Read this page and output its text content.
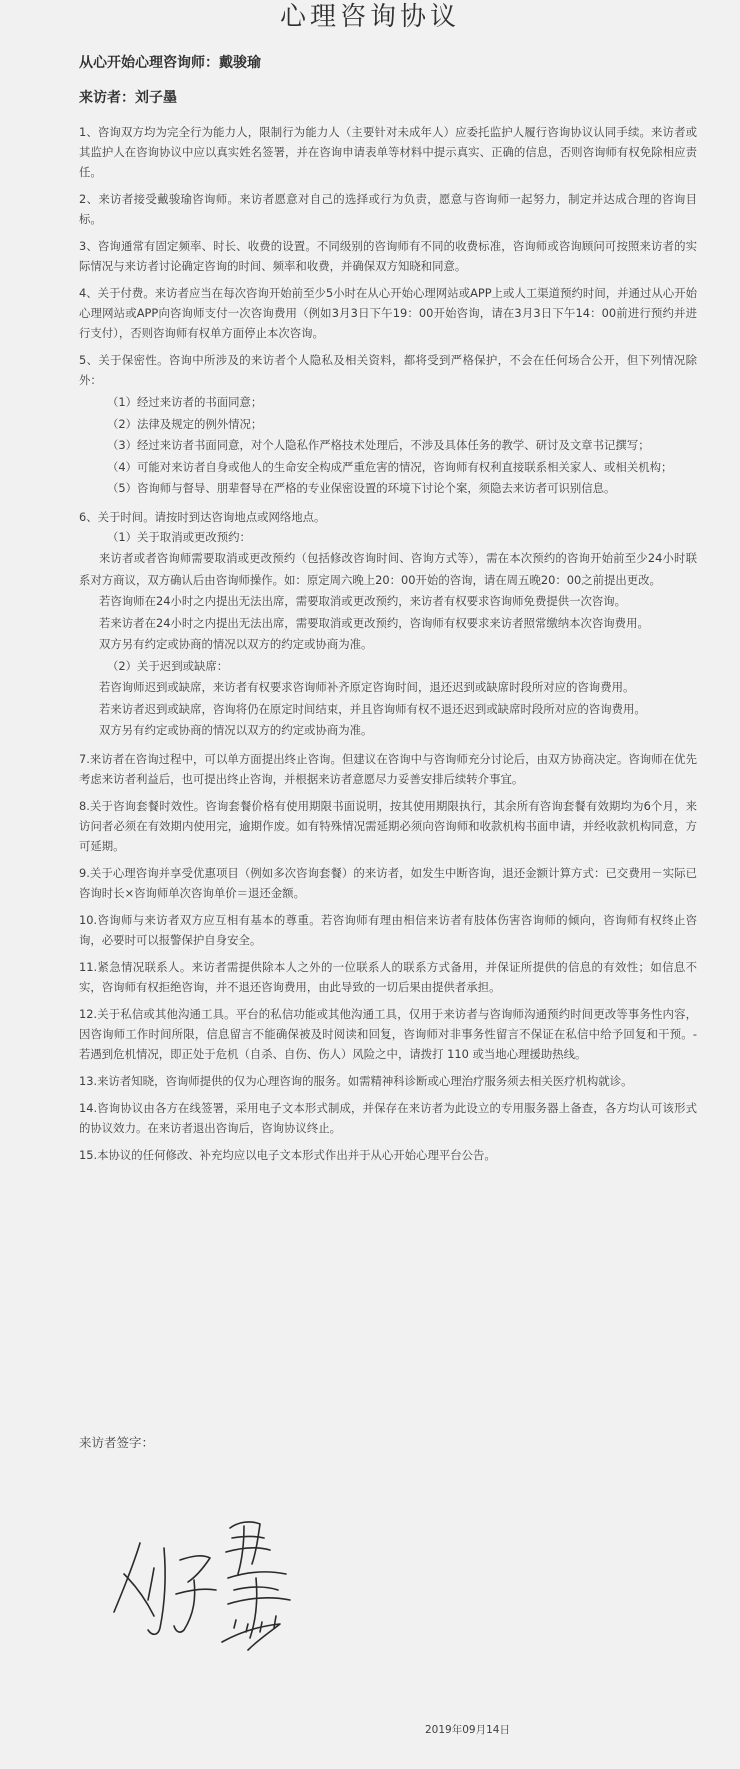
心理咨询协议
从心开始心理咨询师：戴骏瑜
来访者：刘子墨

1、咨询双方均为完全行为能力人，限制行为能力人（主要针对未成年人）应委托监护人履行咨询协议认同手续。来访者或其监护人在咨询协议中应以真实姓名签署，并在咨询申请表单等材料中提示真实、正确的信息，否则咨询师有权免除相应责任。

2、来访者接受戴骏瑜咨询师。来访者愿意对自己的选择或行为负责，愿意与咨询师一起努力，制定并达成合理的咨询目标。

3、咨询通常有固定频率、时长、收费的设置。不同级别的咨询师有不同的收费标准，咨询师或咨询顾问可按照来访者的实际情况与来访者讨论确定咨询的时间、频率和收费，并确保双方知晓和同意。

4、关于付费。来访者应当在每次咨询开始前至少5小时在从心开始心理网站或APP上或人工渠道预约时间，并通过从心开始心理网站或APP向咨询师支付一次咨询费用（例如3月3日下午19：00开始咨询，请在3月3日下午14：00前进行预约并进行支付），否则咨询师有权单方面停止本次咨询。

5、关于保密性。咨询中所涉及的来访者个人隐私及相关资料，都将受到严格保护，不会在任何场合公开，但下列情况除外：

（1）经过来访者的书面同意；

（2）法律及规定的例外情况；

（3）经过来访者书面同意，对个人隐私作严格技术处理后，不涉及具体任务的教学、研讨及文章书记撰写；

（4）可能对来访者自身或他人的生命安全构成严重危害的情况，咨询师有权利直接联系相关家人、或相关机构；

（5）咨询师与督导、朋辈督导在严格的专业保密设置的环境下讨论个案，须隐去来访者可识别信息。

6、关于时间。请按时到达咨询地点或网络地点。

（1）关于取消或更改预约：

来访者或者咨询师需要取消或更改预约（包括修改咨询时间、咨询方式等），需在本次预约的咨询开始前至少24小时联系对方商议，双方确认后由咨询师操作。如：原定周六晚上20：00开始的咨询，请在周五晚20：00之前提出更改。

若咨询师在24小时之内提出无法出席，需要取消或更改预约，来访者有权要求咨询师免费提供一次咨询。

若来访者在24小时之内提出无法出席，需要取消或更改预约，咨询师有权要求来访者照常缴纳本次咨询费用。

双方另有约定或协商的情况以双方的约定或协商为准。

（2）关于迟到或缺席：

若咨询师迟到或缺席，来访者有权要求咨询师补齐原定咨询时间，退还迟到或缺席时段所对应的咨询费用。

若来访者迟到或缺席，咨询将仍在原定时间结束，并且咨询师有权不退还迟到或缺席时段所对应的咨询费用。

双方另有约定或协商的情况以双方的约定或协商为准。

7.来访者在咨询过程中，可以单方面提出终止咨询。但建议在咨询中与咨询师充分讨论后，由双方协商决定。咨询师在优先考虑来访者利益后，也可提出终止咨询，并根据来访者意愿尽力妥善安排后续转介事宜。

8.关于咨询套餐时效性。咨询套餐价格有使用期限书面说明，按其使用期限执行，其余所有咨询套餐有效期均为6个月，来访问者必须在有效期内使用完，逾期作废。如有特殊情况需延期必须向咨询师和收款机构书面申请，并经收款机构同意，方可延期。

9.关于心理咨询并享受优惠项目（例如多次咨询套餐）的来访者，如发生中断咨询，退还金额计算方式：已交费用－实际已咨询时长×咨询师单次咨询单价＝退还金额。

10.咨询师与来访者双方应互相有基本的尊重。若咨询师有理由相信来访者有肢体伤害咨询师的倾向，咨询师有权终止咨询，必要时可以报警保护自身安全。

11.紧急情况联系人。来访者需提供除本人之外的一位联系人的联系方式备用，并保证所提供的信息的有效性；如信息不实，咨询师有权拒绝咨询，并不退还咨询费用，由此导致的一切后果由提供者承担。

12.关于私信或其他沟通工具。平台的私信功能或其他沟通工具，仅用于来访者与咨询师沟通预约时间更改等事务性内容，因咨询师工作时间所限，信息留言不能确保被及时阅读和回复，咨询师对非事务性留言不保证在私信中给予回复和干预。- 若遇到危机情况，即正处于危机（自杀、自伤、伤人）风险之中，请拨打 110 或当地心理援助热线。

13.来访者知晓，咨询师提供的仅为心理咨询的服务。如需精神科诊断或心理治疗服务须去相关医疗机构就诊。

14.咨询协议由各方在线签署，采用电子文本形式制成，并保存在来访者为此设立的专用服务器上备查，各方均认可该形式的协议效力。在来访者退出咨询后，咨询协议终止。

15.本协议的任何修改、补充均应以电子文本形式作出并于从心开始心理平台公告。

来访者签字：
2019年09月14日
